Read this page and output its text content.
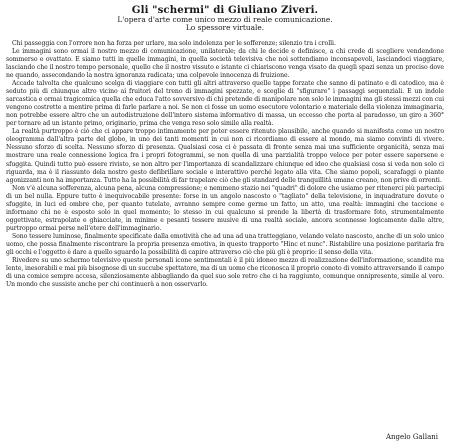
Gli "schermi" di Giuliano Ziveri.
L'opera d'arte come unico mezzo di reale comunicazione.
Lo spessore virtuale.

Chi passeggia con l'orrore non ha forza per urlare, ma solo indolenza per le sofferenze; silenzio tra i crolli.

Le immagini sono ormai il nostro mezzo di comunicazione, unilaterale; da chi le decide e definisce, a chi crede di scegliere vendendone sommerso e ovattato. E siamo tutti in quelle immagini, in quella società televisiva che noi sottendiamo inconsapevoli, lasciandoci viaggiare, lasciando che il nostro tempo personale, quello che il nostro vissuto e istante ci chiariscono venga visato da quegli spazi senza un preciso dove ne quando, assecondando la nostra ignoranza radicata; una colpevole innocenza di fruizione.

Accade talvolta che qualcuno scelga di viaggiare con tutti gli altri attraverso quelle tappe forzate che sanno di patinato e di catodico, ma è seduto più di chiunque altro vicino ai fruitori del treno di immagini spezzate, e sceglie di "sfigurare" i passaggi sequenziali. E un indole sarcastica e ormai tragicomica quella che educa l'atto sovversivo di chi pretende di manipolare non solo le immagini ma gli stessi mezzi con cui vengono costrette a mentire prima di farle parlare a noi. Se non ci fosse un uomo esecutore volontario e materiale della violenza immaginaria, non potrebbe essere altro che un autodistruzione dell'intero sistema informativo di massa, un eccesso che porta al paradosso, un giro a 360° per tornare ad un istante primo, originario, prima che venga reso solo simile alla realtà.

La realtà purtroppo è ciò che ci appare troppo intimamente per poter essere ritenuto plausibile, anche quando si manifesta come un nostro oleogramma dall'altra parte del globo, in uno dei tanti momenti in cui non ci ricordiamo di essere al mondo, ma siamo convinti di vivere. Nessuno sforzo di scelta. Nessuno sforzo di presenza. Qualsiasi cosa ci è passata di fronte senza mai una sufficiente organicità, senza mai mostrare una reale connessione logica fra i propri fotogrammi, se non quella di una parzialità troppo veloce per poter essere sapersene e sfuggita. Quindi tutto può essere rivisto, se non altro per l'importanza di scandalizzare chiunque ed ideo che qualsiasi cosa si veda non solo ci riguarda, ma è il riassunto dela nostro gesto defibrillare sociale e interattivo perché legato alla vita. Che siamo popoli, scarafaggi o piante agonizzanti non ha importanza. Tutto ha la possibilità di far trapelare ciò che gli standard delle tranquillità umane creano, non prive di orrenti.

Non v'è alcuna sofferenza, alcuna pena, alcuna compressione; e nemmeno stazio nei "quadri" di dolore che usiamo per ritenerci più partecipi di un bel nulla. Eppure tutto è inequivocabile presente: forse in un angolo nascosto o "tagliato" della televisione, in inquadrature dovute o sfuggite, in luci ed ombre che, per quanto tutelate, avranno sempre come germe un fatto, un atto, una realtà: immagini che taccione e informano chi ne è esposto solo in quel momento; lo stesso in cui qualcuno si prende la libertà di trasformare foto, strumentalmente oggettivate, estrapolate e ghiacciate, in minime e pesanti tessere musive di una realtà sociale, ancora sconnesse logicamente dalle altre, purtroppo ormai perse nell'etere dell'immaginario.

Sono tessere luminose, finalmente specificate dalla emotività che ad una ad una tratteggiano, velando velato nascosto, anche di un solo unico uomo, che possa finalmente riscontrare la propria presenza emotiva, in questo trapporto "Hinc et nunc". Ristabilire una posizione paritaria fra gli occhi e l'oggetto è dare a quello sguardo la possibilità di capire attraverso ciò che più gli è proprio: il senso della vita.

Rivedere su uno schermo televisivo queste personali icone sentimentali è il più idoneo mezzo di realizzazione dell'informazione, scandite ma lente, inesorabili e mai più bisognose di un succube spettatore, ma di un uomo che riconosca il proprio conoto di vomito attraversando il campo di una comice sempre accesa, silenziosamente abbagliando da quel suo sole retro che ci ha raggiunto, comunque onnipresente, simile al vero. Un mondo che sussiste anche per chi continuerà a non osservarlo.

Angelo Gallani
